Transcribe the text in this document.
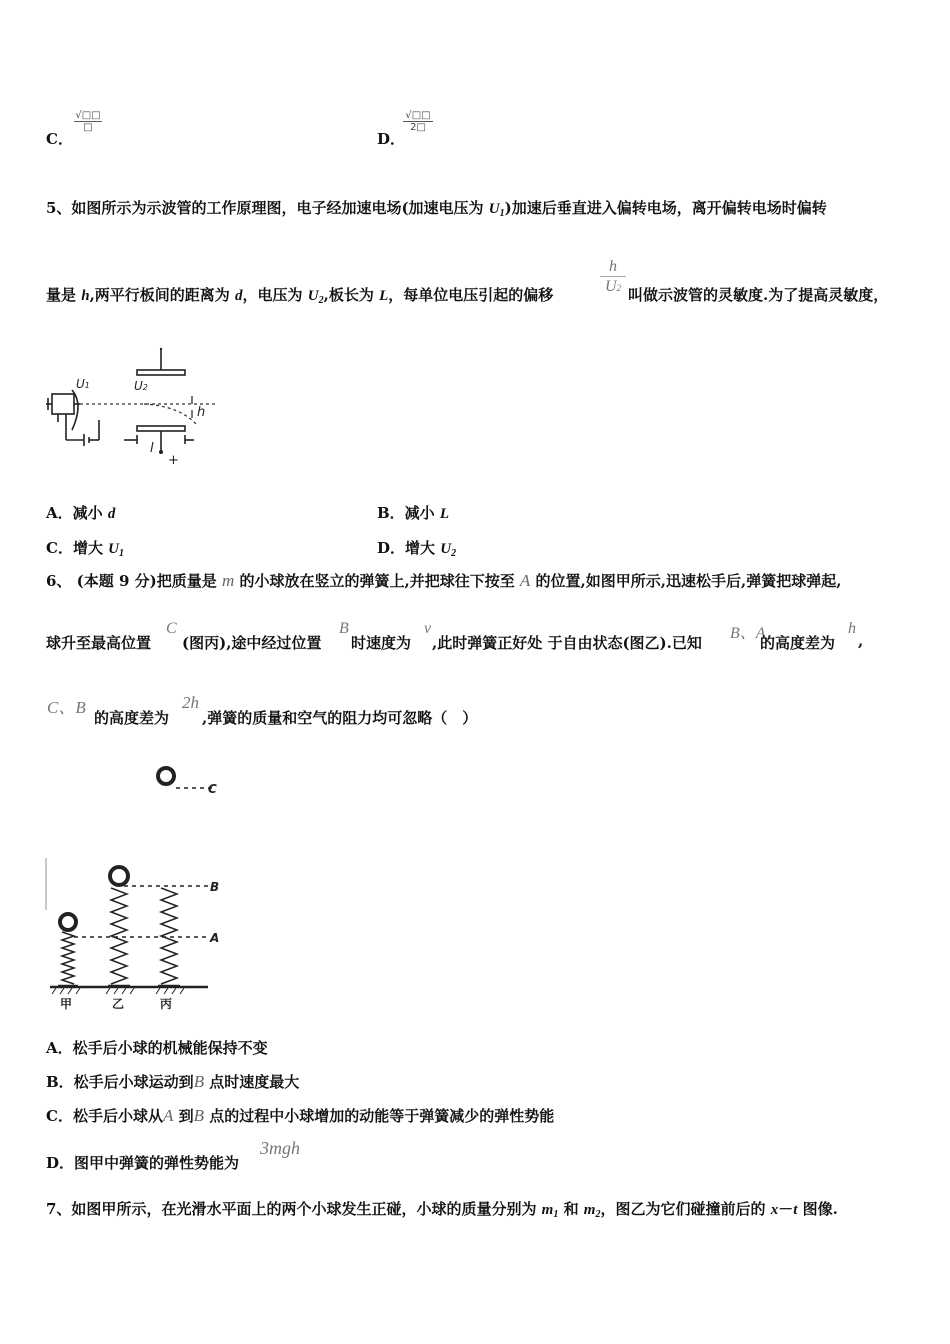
C．
√□□
□
D．
√□□
2□
5、如图所示为示波管的工作原理图，电子经加速电场(加速电压为 $U_1$)加速后垂直进入偏转电场，离开偏转电场时偏转
量是 h,两平行板间的距离为 d，电压为 $U_2$,板长为 L，每单位电压引起的偏移
h
U2 叫做示波管的灵敏度.为了提高灵敏度，
U1	U2
h
l
+
A．减小 d	B．减小 L
C．增大 $U_1$	D．增大 $U_2$
6、 (本题 9 分)把质量是 m 的小球放在竖立的弹簧上,并把球往下按至 A 的位置,如图甲所示,迅速松手后,弹簧把球弹起,
球升至最高位置
C
(图丙),途中经过位置
B
时速度为
v
,此时弹簧正好处 于自由状态(图乙).已知
B、A
的高度差为
h
,
C、B
的高度差为
2h
,弹簧的质量和空气的阻力均可忽略（　）
C
B
A
甲	乙	丙
A．松手后小球的机械能保持不变
B．松手后小球运动到B 点时速度最大
C．松手后小球从A 到B 点的过程中小球增加的动能等于弹簧减少的弹性势能
D．图甲中弹簧的弹性势能为
3mgh
7、如图甲所示，在光滑水平面上的两个小球发生正碰，小球的质量分别为 $m_1$ 和 $m_2$，图乙为它们碰撞前后的 x－t 图像.
